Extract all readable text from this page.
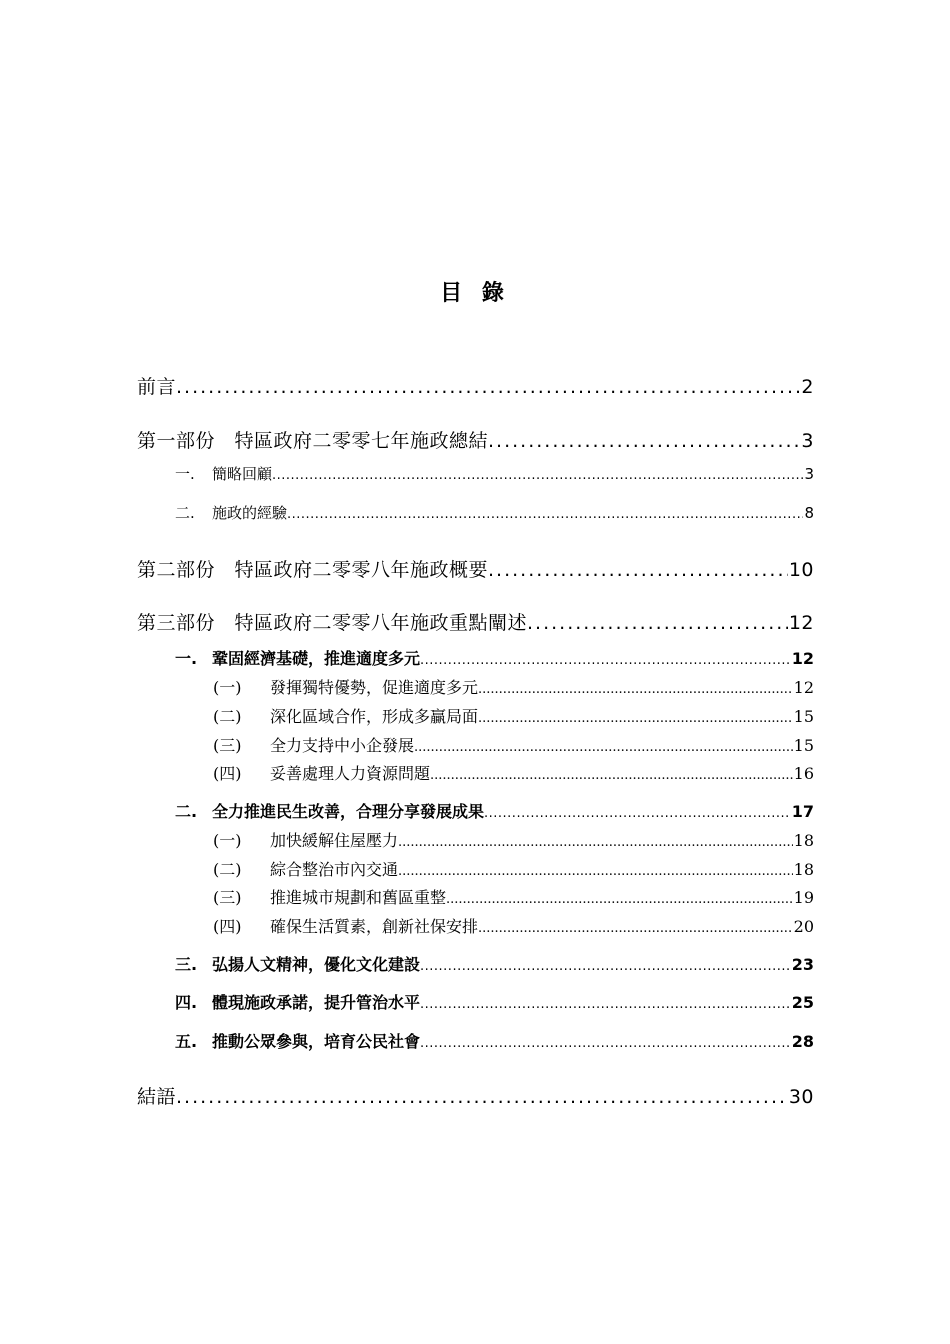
目 錄
前言 .....	2
第一部份　特區政府二零零七年施政總結 .....	3
一.	簡略回顧 .....	3
二.	施政的經驗 .....	8
第二部份　特區政府二零零八年施政概要 .....	10
第三部份　特區政府二零零八年施政重點闡述 .....	12
一. 鞏固經濟基礎，推進適度多元 .....	12
(一)	發揮獨特優勢，促進適度多元 .....	12
(二)	深化區域合作，形成多贏局面 .....	15
(三)	全力支持中小企發展 .....	15
(四)	妥善處理人力資源問題 .....	16
二. 全力推進民生改善，合理分享發展成果 .....	17
(一)	加快緩解住屋壓力 .....	18
(二)	綜合整治市內交通 .....	18
(三)	推進城市規劃和舊區重整 .....	19
(四)	確保生活質素，創新社保安排 .....	20
三. 弘揚人文精神，優化文化建設 .....	23
四. 體現施政承諾，提升管治水平 .....	25
五. 推動公眾參與，培育公民社會 .....	28
結語 .....	30
